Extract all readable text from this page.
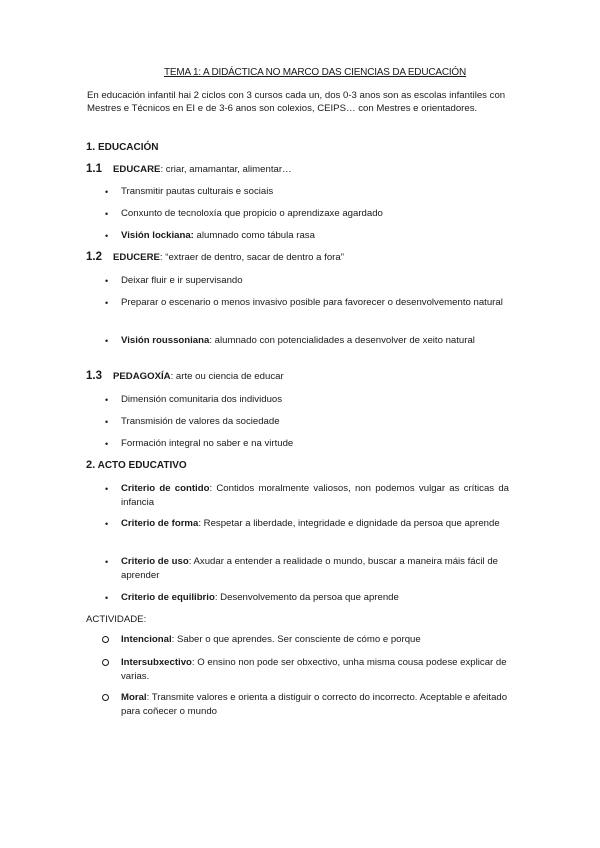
TEMA 1: A DIDÁCTICA NO MARCO DAS CIENCIAS DA EDUCACIÓN
En educación infantil hai 2 ciclos con 3 cursos cada un, dos 0-3 anos son as escolas infantiles con Mestres e Técnicos en EI e de 3-6 anos son colexios, CEIPS… con Mestres e orientadores.
1. EDUCACIÓN
1.1 EDUCARE: criar, amamantar, alimentar…
• Transmitir pautas culturais e sociais
• Conxunto de tecnoloxía que propicio o aprendizaxe agardado
• Visión lockiana: alumnado como tábula rasa
1.2 EDUCERE: “extraer de dentro, sacar de dentro a fora”
• Deixar fluir e ir supervisando
• Preparar o escenario o menos invasivo posible para favorecer o desenvolvemento natural
• Visión roussoniana: alumnado con potencialidades a desenvolver de xeito natural
1.3 PEDAGOXÍA: arte ou ciencia de educar
• Dimensión comunitaria dos individuos
• Transmisión de valores da sociedade
• Formación integral no saber e na virtude
2. ACTO EDUCATIVO
• Criterio de contido: Contidos moralmente valiosos, non podemos vulgar as críticas da infancia
• Criterio de forma: Respetar a liberdade, integridade e dignidade da persoa que aprende
• Criterio de uso: Axudar a entender a realidade o mundo, buscar a maneira máis fácil de aprender
• Criterio de equilibrio: Desenvolvemento da persoa que aprende
ACTIVIDADE:
Intencional: Saber o que aprendes. Ser consciente de cómo e porque
Intersubxectivo: O ensino non pode ser obxectivo, unha misma cousa podese explicar de varias.
Moral: Transmite valores e orienta a distiguir o correcto do incorrecto. Aceptable e afeitado para coñecer o mundo
